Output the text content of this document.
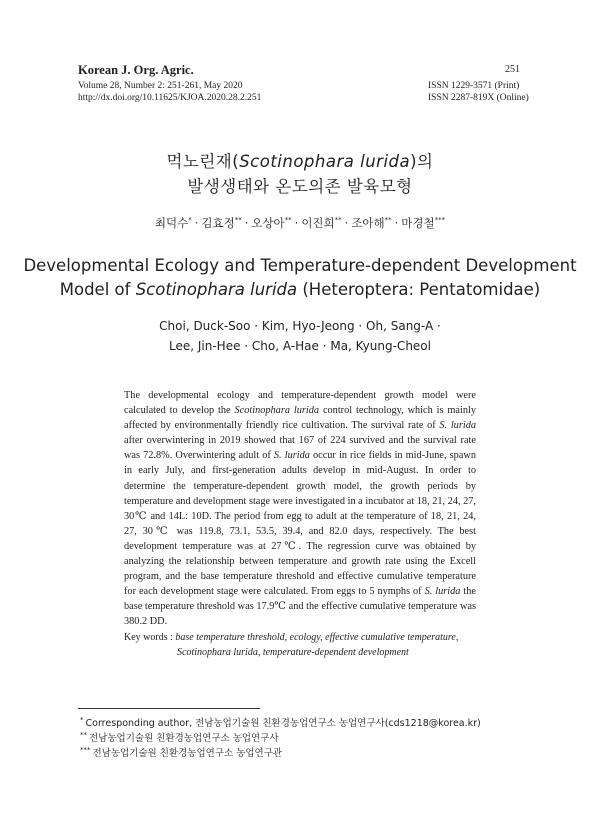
Korean J. Org. Agric.
Volume 28, Number 2: 251-261, May 2020
http://dx.doi.org/10.11625/KJOA.2020.28.2.251
251
ISSN 1229-3571 (Print)
ISSN 2287-819X (Online)
먹노린재(Scotinophara lurida)의
발생생태와 온도의존 발육모형
최덕수* · 김효정** · 오상아** · 이진희** · 조아해** · 마경철***
Developmental Ecology and Temperature-dependent Development
Model of Scotinophara lurida (Heteroptera: Pentatomidae)
Choi, Duck-Soo · Kim, Hyo-Jeong · Oh, Sang-A ·
Lee, Jin-Hee · Cho, A-Hae · Ma, Kyung-Cheol

The developmental ecology and temperature-dependent growth model were calculated to develop the Scotinophara lurida control technology, which is mainly affected by environmentally friendly rice cultivation. The survival rate of S. lurida after overwintering in 2019 showed that 167 of 224 survived and the survival rate was 72.8%. Overwintering adult of S. lurida occur in rice fields in mid-June, spawn in early July, and first-generation adults develop in mid-August. In order to determine the temperature-dependent growth model, the growth periods by temperature and development stage were investigated in a incubator at 18, 21, 24, 27, 30℃ and 14L: 10D. The period from egg to adult at the temperature of 18, 21, 24, 27, 30℃ was 119.8, 73.1, 53.5, 39.4, and 82.0 days, respectively. The best development temperature was at 27℃. The regression curve was obtained by analyzing the relationship between temperature and growth rate using the Excell program, and the base temperature threshold and effective cumulative temperature for each development stage were calculated. From eggs to 5 nymphs of S. lurida the base temperature threshold was 17.9℃ and the effective cumulative temperature was 380.2 DD.

Key words : base temperature threshold, ecology, effective cumulative temperature,
Scotinophara lurida, temperature-dependent development
* Corresponding author, 전남농업기술원 친환경농업연구소 농업연구사(cds1218@korea.kr)
** 전남농업기술원 친환경농업연구소 농업연구사
*** 전남농업기술원 친환경농업연구소 농업연구관
